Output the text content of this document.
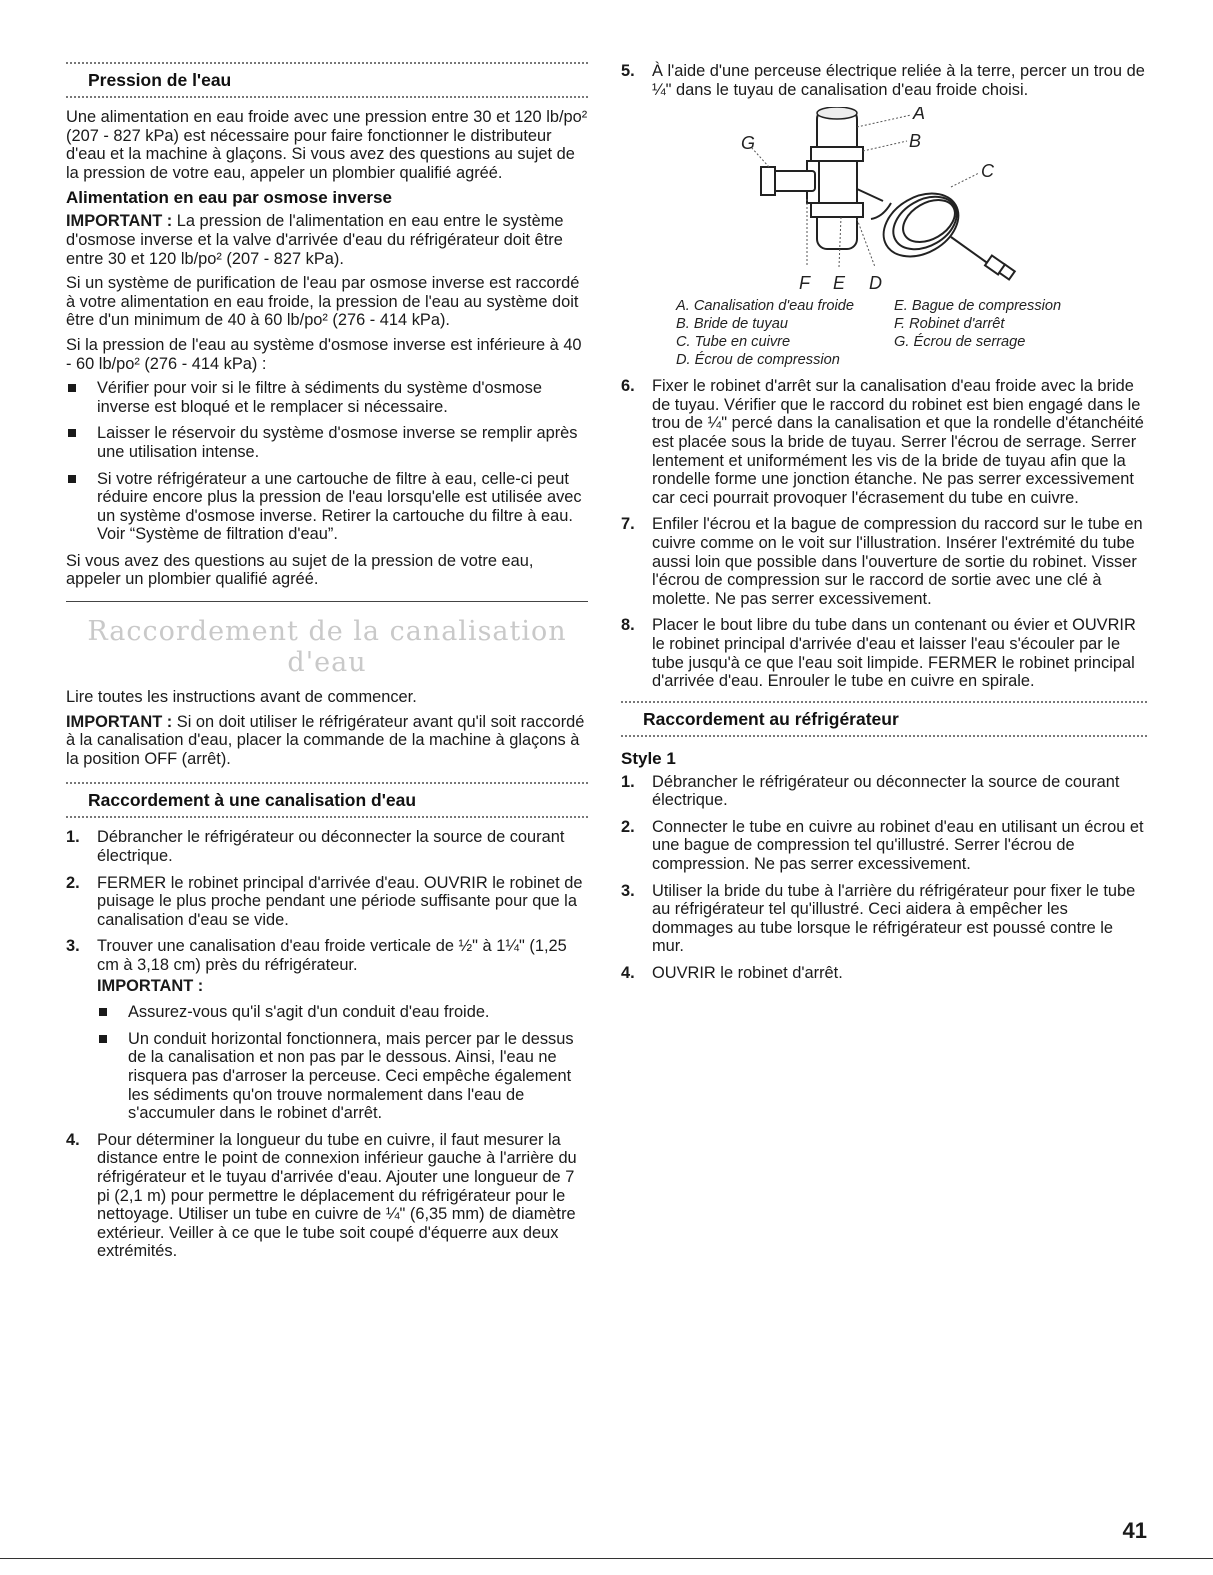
Pression de l'eau

Une alimentation en eau froide avec une pression entre 30 et 120 lb/po² (207 - 827 kPa) est nécessaire pour faire fonctionner le distributeur d'eau et la machine à glaçons. Si vous avez des questions au sujet de la pression de votre eau, appeler un plombier qualifié agréé.

Alimentation en eau par osmose inverse

IMPORTANT : La pression de l'alimentation en eau entre le système d'osmose inverse et la valve d'arrivée d'eau du réfrigérateur doit être entre 30 et 120 lb/po² (207 - 827 kPa).

Si un système de purification de l'eau par osmose inverse est raccordé à votre alimentation en eau froide, la pression de l'eau au système doit être d'un minimum de 40 à 60 lb/po² (276 - 414 kPa).

Si la pression de l'eau au système d'osmose inverse est inférieure à 40 - 60 lb/po² (276 - 414 kPa) :

Vérifier pour voir si le filtre à sédiments du système d'osmose inverse est bloqué et le remplacer si nécessaire.
Laisser le réservoir du système d'osmose inverse se remplir après une utilisation intense.
Si votre réfrigérateur a une cartouche de filtre à eau, celle-ci peut réduire encore plus la pression de l'eau lorsqu'elle est utilisée avec un système d'osmose inverse. Retirer la cartouche du filtre à eau. Voir “Système de filtration d'eau”.

Si vous avez des questions au sujet de la pression de votre eau, appeler un plombier qualifié agréé.

Raccordement de la canalisation d'eau

Lire toutes les instructions avant de commencer.

IMPORTANT : Si on doit utiliser le réfrigérateur avant qu'il soit raccordé à la canalisation d'eau, placer la commande de la machine à glaçons à la position OFF (arrêt).

Raccordement à une canalisation d'eau
1. Débrancher le réfrigérateur ou déconnecter la source de courant électrique.
2. FERMER le robinet principal d'arrivée d'eau. OUVRIR le robinet de puisage le plus proche pendant une période suffisante pour que la canalisation d'eau se vide.
3. Trouver une canalisation d'eau froide verticale de ½" à 1¼" (1,25 cm à 3,18 cm) près du réfrigérateur.
IMPORTANT :
Assurez-vous qu'il s'agit d'un conduit d'eau froide.
Un conduit horizontal fonctionnera, mais percer par le dessus de la canalisation et non pas par le dessous. Ainsi, l'eau ne risquera pas d'arroser la perceuse. Ceci empêche également les sédiments qu'on trouve normalement dans l'eau de s'accumuler dans le robinet d'arrêt.
4. Pour déterminer la longueur du tube en cuivre, il faut mesurer la distance entre le point de connexion inférieur gauche à l'arrière du réfrigérateur et le tuyau d'arrivée d'eau. Ajouter une longueur de 7 pi (2,1 m) pour permettre le déplacement du réfrigérateur pour le nettoyage. Utiliser un tube en cuivre de ¼" (6,35 mm) de diamètre extérieur. Veiller à ce que le tube soit coupé d'équerre aux deux extrémités.
5. À l'aide d'une perceuse électrique reliée à la terre, percer un trou de ¼" dans le tuyau de canalisation d'eau froide choisi.
A
B
C
G
F E D
A. Canalisation d'eau froide	E. Bague de compression
B. Bride de tuyau	F. Robinet d'arrêt
C. Tube en cuivre	G. Écrou de serrage
D. Écrou de compression
6. Fixer le robinet d'arrêt sur la canalisation d'eau froide avec la bride de tuyau. Vérifier que le raccord du robinet est bien engagé dans le trou de ¼" percé dans la canalisation et que la rondelle d'étanchéité est placée sous la bride de tuyau. Serrer l'écrou de serrage. Serrer lentement et uniformément les vis de la bride de tuyau afin que la rondelle forme une jonction étanche. Ne pas serrer excessivement car ceci pourrait provoquer l'écrasement du tube en cuivre.
7. Enfiler l'écrou et la bague de compression du raccord sur le tube en cuivre comme on le voit sur l'illustration. Insérer l'extrémité du tube aussi loin que possible dans l'ouverture de sortie du robinet. Visser l'écrou de compression sur le raccord de sortie avec une clé à molette. Ne pas serrer excessivement.
8. Placer le bout libre du tube dans un contenant ou évier et OUVRIR le robinet principal d'arrivée d'eau et laisser l'eau s'écouler par le tube jusqu'à ce que l'eau soit limpide. FERMER le robinet principal d'arrivée d'eau. Enrouler le tube en cuivre en spirale.
Raccordement au réfrigérateur
Style 1
1. Débrancher le réfrigérateur ou déconnecter la source de courant électrique.
2. Connecter le tube en cuivre au robinet d'eau en utilisant un écrou et une bague de compression tel qu'illustré. Serrer l'écrou de compression. Ne pas serrer excessivement.
3. Utiliser la bride du tube à l'arrière du réfrigérateur pour fixer le tube au réfrigérateur tel qu'illustré. Ceci aidera à empêcher les dommages au tube lorsque le réfrigérateur est poussé contre le mur.
4. OUVRIR le robinet d'arrêt.
41
